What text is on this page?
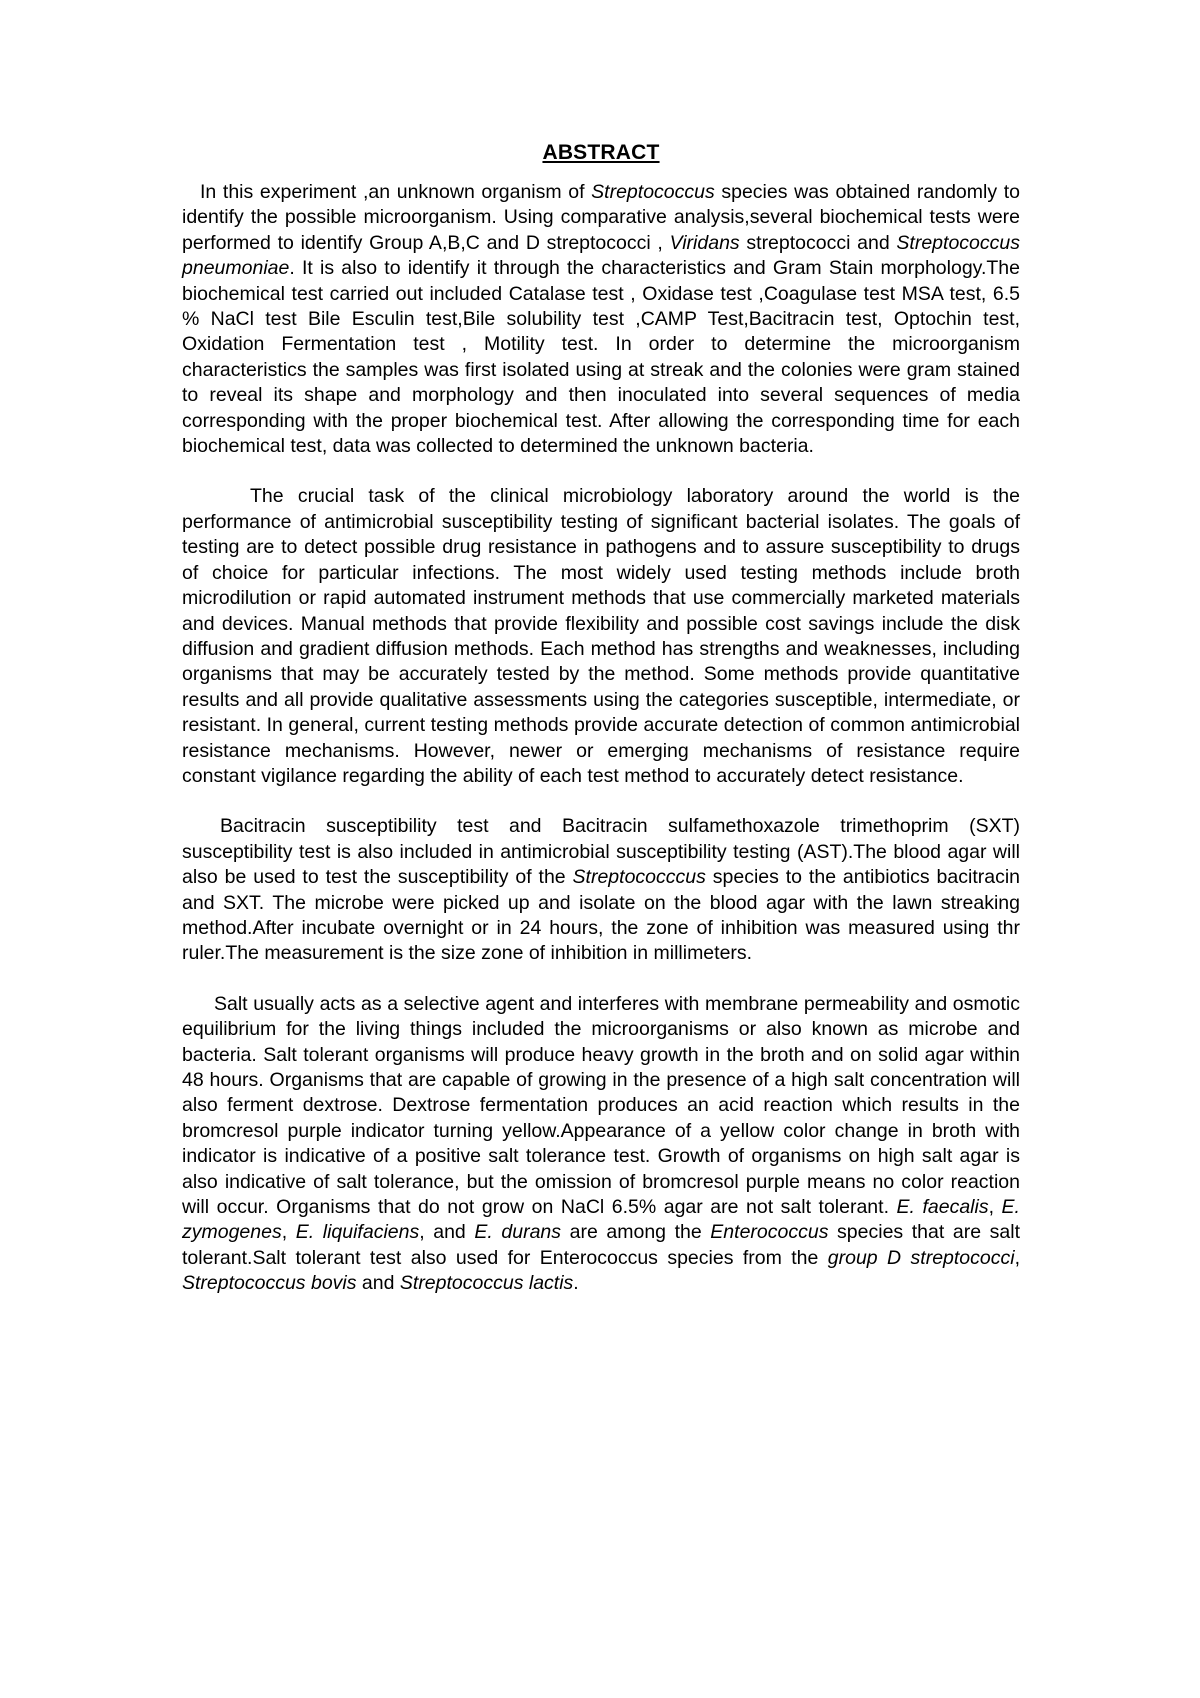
ABSTRACT

In this experiment ,an unknown organism of Streptococcus species was obtained randomly to identify the possible microorganism. Using comparative analysis,several biochemical tests were performed to identify Group A,B,C and D streptococci , Viridans streptococci and Streptococcus pneumoniae. It is also to identify it through the characteristics and Gram Stain morphology.The biochemical test carried out included Catalase test , Oxidase test ,Coagulase test MSA test, 6.5 % NaCl test Bile Esculin test,Bile solubility test ,CAMP Test,Bacitracin test, Optochin test, Oxidation Fermentation test , Motility test. In order to determine the microorganism characteristics the samples was first isolated using at streak and the colonies were gram stained to reveal its shape and morphology and then inoculated into several sequences of media corresponding with the proper biochemical test. After allowing the corresponding time for each biochemical test, data was collected to determined the unknown bacteria.

The crucial task of the clinical microbiology laboratory around the world is the performance of antimicrobial susceptibility testing of significant bacterial isolates. The goals of testing are to detect possible drug resistance in pathogens and to assure susceptibility to drugs of choice for particular infections. The most widely used testing methods include broth microdilution or rapid automated instrument methods that use commercially marketed materials and devices. Manual methods that provide flexibility and possible cost savings include the disk diffusion and gradient diffusion methods. Each method has strengths and weaknesses, including organisms that may be accurately tested by the method. Some methods provide quantitative results and all provide qualitative assessments using the categories susceptible, intermediate, or resistant. In general, current testing methods provide accurate detection of common antimicrobial resistance mechanisms. However, newer or emerging mechanisms of resistance require constant vigilance regarding the ability of each test method to accurately detect resistance.

Bacitracin susceptibility test and Bacitracin sulfamethoxazole trimethoprim (SXT) susceptibility test is also included in antimicrobial susceptibility testing (AST).The blood agar will also be used to test the susceptibility of the Streptococccus species to the antibiotics bacitracin and SXT. The microbe were picked up and isolate on the blood agar with the lawn streaking method.After incubate overnight or in 24 hours, the zone of inhibition was measured using thr ruler.The measurement is the size zone of inhibition in millimeters.

Salt usually acts as a selective agent and interferes with membrane permeability and osmotic equilibrium for the living things included the microorganisms or also known as microbe and bacteria. Salt tolerant organisms will produce heavy growth in the broth and on solid agar within 48 hours. Organisms that are capable of growing in the presence of a high salt concentration will also ferment dextrose. Dextrose fermentation produces an acid reaction which results in the bromcresol purple indicator turning yellow.Appearance of a yellow color change in broth with indicator is indicative of a positive salt tolerance test. Growth of organisms on high salt agar is also indicative of salt tolerance, but the omission of bromcresol purple means no color reaction will occur. Organisms that do not grow on NaCl 6.5% agar are not salt tolerant. E. faecalis, E. zymogenes, E. liquifaciens, and E. durans are among the Enterococcus species that are salt tolerant.Salt tolerant test also used for Enterococcus species from the group D streptococci, Streptococcus bovis and Streptococcus lactis.
